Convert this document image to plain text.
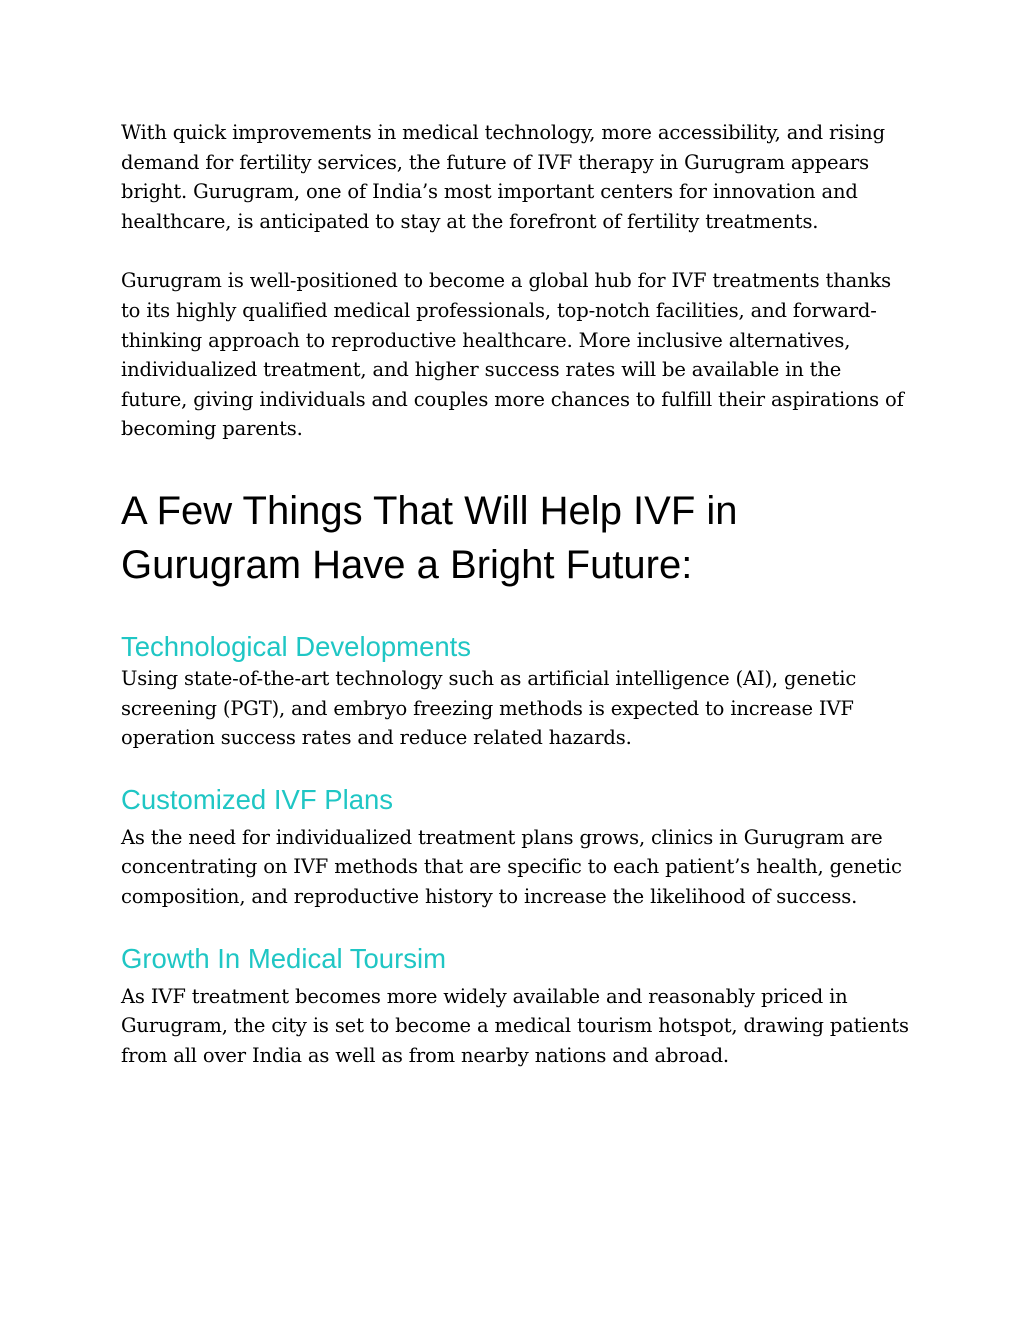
With quick improvements in medical technology, more accessibility, and rising demand for fertility services, the future of IVF therapy in Gurugram appears bright. Gurugram, one of India’s most important centers for innovation and healthcare, is anticipated to stay at the forefront of fertility treatments.

Gurugram is well-positioned to become a global hub for IVF treatments thanks to its highly qualified medical professionals, top-notch facilities, and forward-thinking approach to reproductive healthcare. More inclusive alternatives, individualized treatment, and higher success rates will be available in the future, giving individuals and couples more chances to fulfill their aspirations of becoming parents.

A Few Things That Will Help IVF in Gurugram Have a Bright Future:
Technological Developments

Using state-of-the-art technology such as artificial intelligence (AI), genetic screening (PGT), and embryo freezing methods is expected to increase IVF operation success rates and reduce related hazards.

Customized IVF Plans

As the need for individualized treatment plans grows, clinics in Gurugram are concentrating on IVF methods that are specific to each patient’s health, genetic composition, and reproductive history to increase the likelihood of success.

Growth In Medical Toursim

As IVF treatment becomes more widely available and reasonably priced in Gurugram, the city is set to become a medical tourism hotspot, drawing patients from all over India as well as from nearby nations and abroad.
